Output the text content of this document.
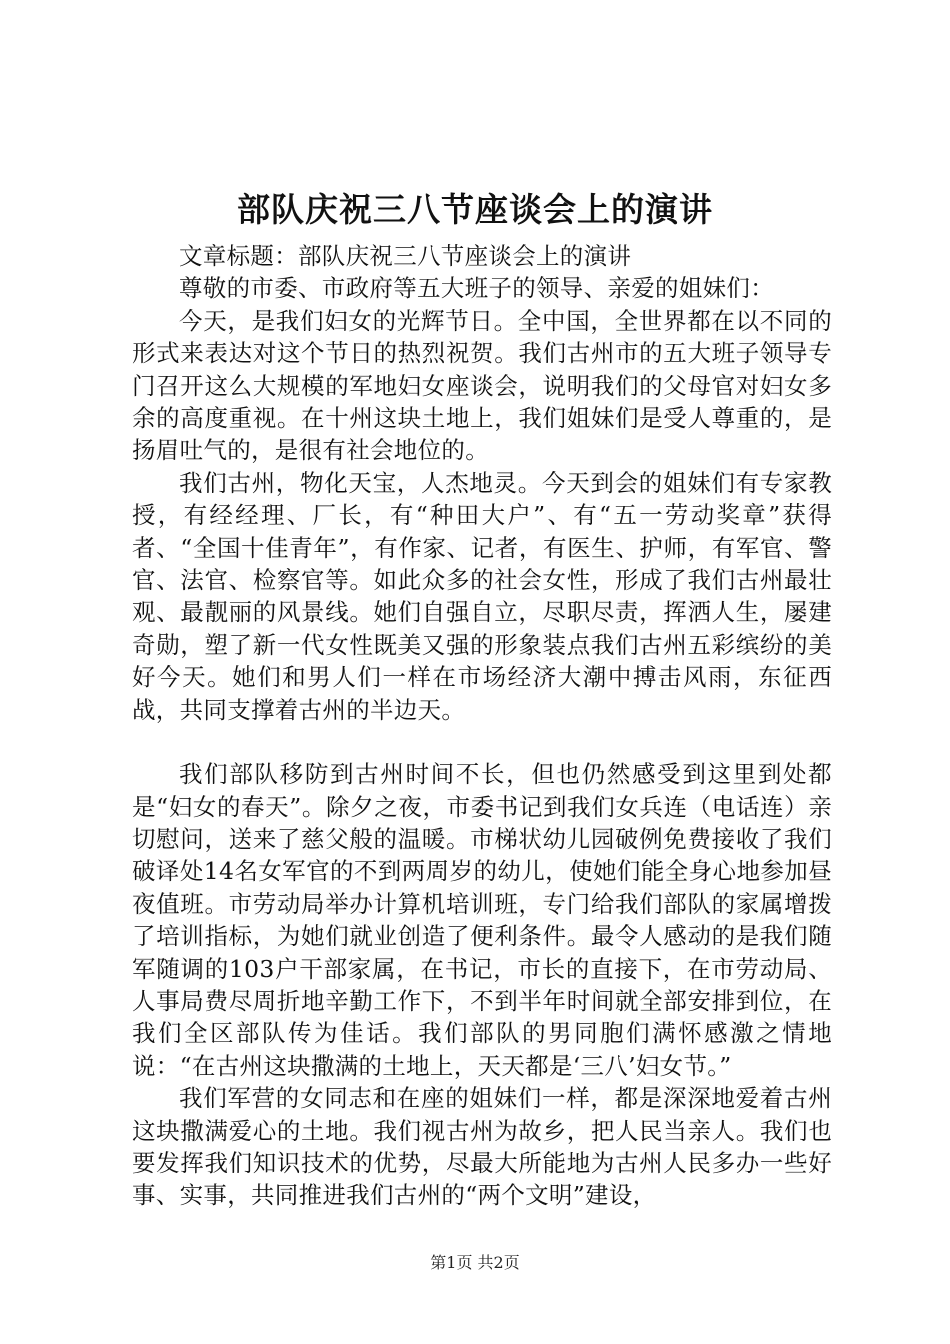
部队庆祝三八节座谈会上的演讲

文章标题：部队庆祝三八节座谈会上的演讲

尊敬的市委、市政府等五大班子的领导、亲爱的姐妹们：

今天，是我们妇女的光辉节日。全中国，全世界都在以不同的形式来表达对这个节日的热烈祝贺。我们古州市的五大班子领导专门召开这么大规模的军地妇女座谈会，说明我们的父母官对妇女多余的高度重视。在十州这块土地上，我们姐妹们是受人尊重的，是扬眉吐气的，是很有社会地位的。

我们古州，物化天宝，人杰地灵。今天到会的姐妹们有专家教授，有经经理、厂长，有“种田大户”、有“五一劳动奖章”获得者、“全国十佳青年”，有作家、记者，有医生、护师，有军官、警官、法官、检察官等。如此众多的社会女性，形成了我们古州最壮观、最靓丽的风景线。她们自强自立，尽职尽责，挥洒人生，屡建奇勋，塑了新一代女性既美又强的形象装点我们古州五彩缤纷的美好今天。她们和男人们一样在市场经济大潮中搏击风雨，东征西战，共同支撑着古州的半边天。

我们部队移防到古州时间不长，但也仍然感受到这里到处都是“妇女的春天”。除夕之夜，市委书记到我们女兵连（电话连）亲切慰问，送来了慈父般的温暖。市梯状幼儿园破例免费接收了我们破译处14名女军官的不到两周岁的幼儿，使她们能全身心地参加昼夜值班。市劳动局举办计算机培训班，专门给我们部队的家属增拨了培训指标，为她们就业创造了便利条件。最令人感动的是我们随军随调的103户干部家属，在书记，市长的直接下，在市劳动局、人事局费尽周折地辛勤工作下，不到半年时间就全部安排到位，在我们全区部队传为佳话。我们部队的男同胞们满怀感激之情地说：“在古州这块撒满的土地上，天天都是‘三八’妇女节。”

我们军营的女同志和在座的姐妹们一样，都是深深地爱着古州这块撒满爱心的土地。我们视古州为故乡，把人民当亲人。我们也要发挥我们知识技术的优势，尽最大所能地为古州人民多办一些好事、实事，共同推进我们古州的“两个文明”建设，

第1页 共2页
